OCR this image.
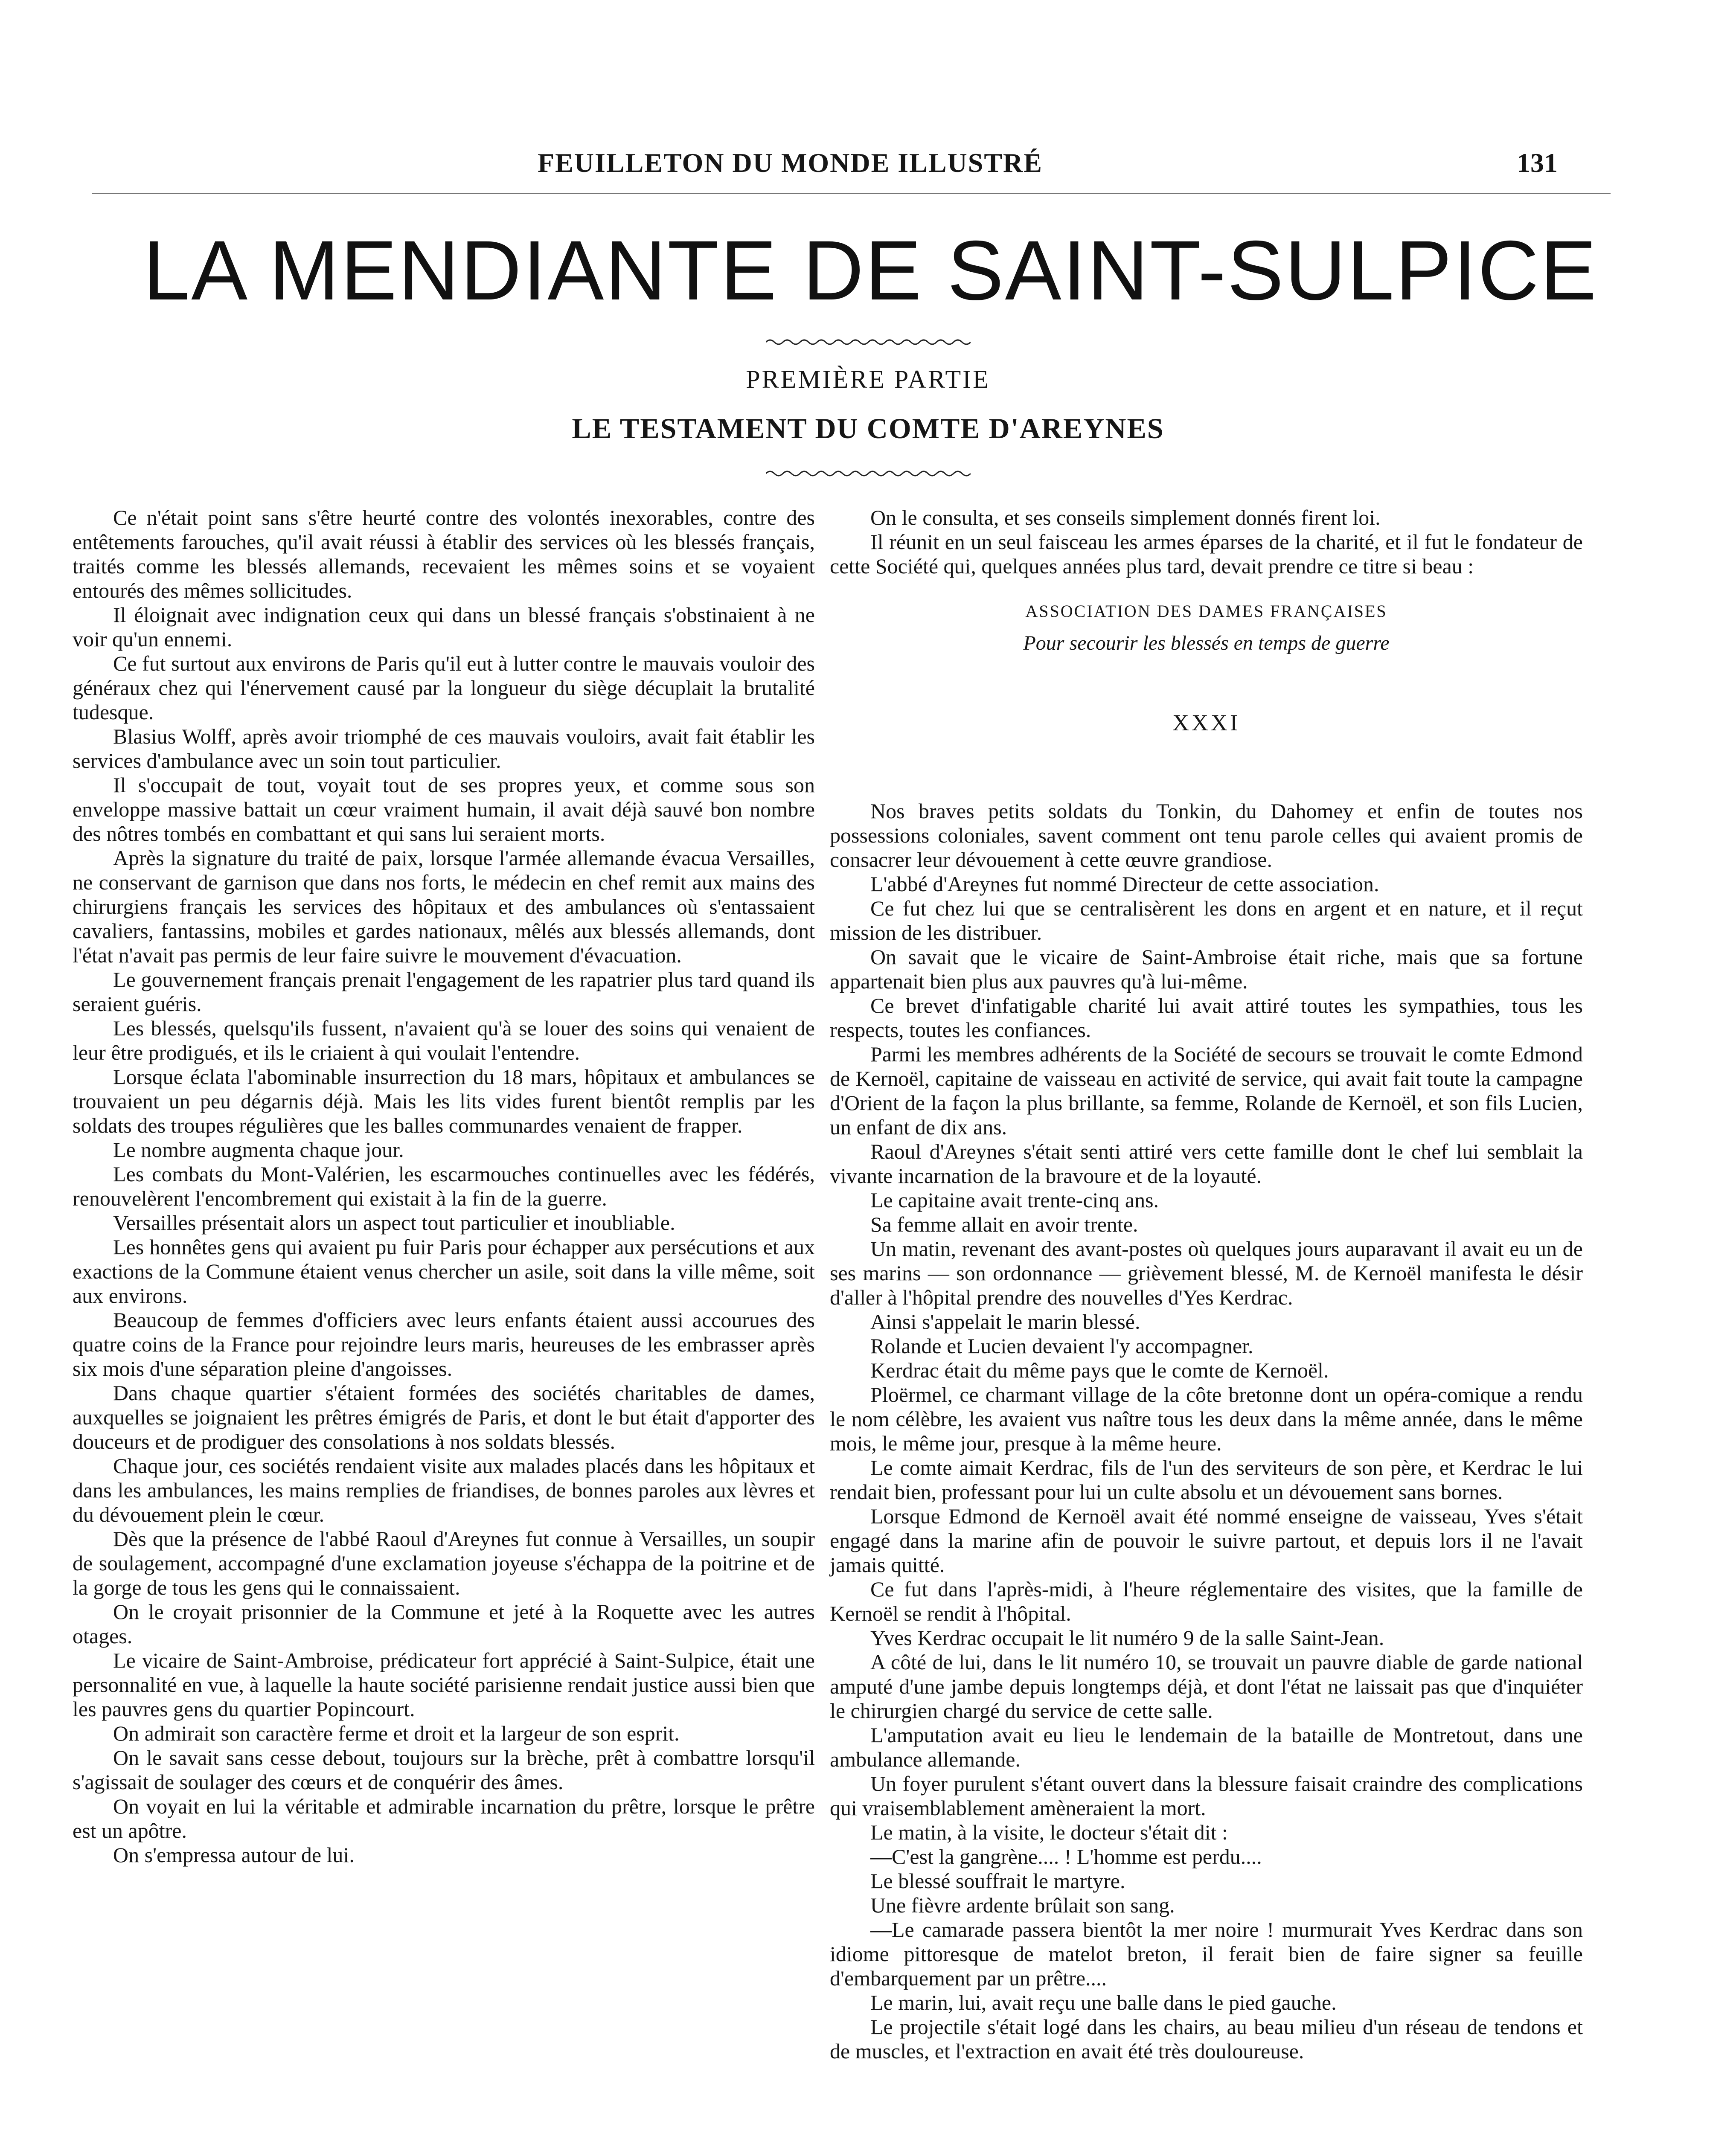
FEUILLETON DU MONDE ILLUSTRÉ	131
LA MENDIANTE DE SAINT-SULPICE
PREMIÈRE PARTIE
LE TESTAMENT DU COMTE D'AREYNES

Ce n'était point sans s'être heurté contre des volontés inexorables, contre des entêtements farouches, qu'il avait réussi à établir des services où les blessés français, traités comme les blessés allemands, recevaient les mêmes soins et se voyaient entourés des mêmes sollicitudes.

Il éloignait avec indignation ceux qui dans un blessé français s'obstinaient à ne voir qu'un ennemi.

Ce fut surtout aux environs de Paris qu'il eut à lutter contre le mauvais vouloir des généraux chez qui l'énervement causé par la longueur du siège décuplait la brutalité tudesque.

Blasius Wolff, après avoir triomphé de ces mauvais vouloirs, avait fait établir les services d'ambulance avec un soin tout particulier.

Il s'occupait de tout, voyait tout de ses propres yeux, et comme sous son enveloppe massive battait un cœur vraiment humain, il avait déjà sauvé bon nombre des nôtres tombés en combattant et qui sans lui seraient morts.

Après la signature du traité de paix, lorsque l'armée allemande évacua Versailles, ne conservant de garnison que dans nos forts, le médecin en chef remit aux mains des chirurgiens français les services des hôpitaux et des ambulances où s'entassaient cavaliers, fantassins, mobiles et gardes nationaux, mêlés aux blessés allemands, dont l'état n'avait pas permis de leur faire suivre le mouvement d'évacuation.

Le gouvernement français prenait l'engagement de les rapatrier plus tard quand ils seraient guéris.

Les blessés, quelsqu'ils fussent, n'avaient qu'à se louer des soins qui venaient de leur être prodigués, et ils le criaient à qui voulait l'entendre.

Lorsque éclata l'abominable insurrection du 18 mars, hôpitaux et ambulances se trouvaient un peu dégarnis déjà. Mais les lits vides furent bientôt remplis par les soldats des troupes régulières que les balles communardes venaient de frapper.

Le nombre augmenta chaque jour.

Les combats du Mont-Valérien, les escarmouches continuelles avec les fédérés, renouvelèrent l'encombrement qui existait à la fin de la guerre.

Versailles présentait alors un aspect tout particulier et inoubliable.

Les honnêtes gens qui avaient pu fuir Paris pour échapper aux persécutions et aux exactions de la Commune étaient venus chercher un asile, soit dans la ville même, soit aux environs.

Beaucoup de femmes d'officiers avec leurs enfants étaient aussi accourues des quatre coins de la France pour rejoindre leurs maris, heureuses de les embrasser après six mois d'une séparation pleine d'angoisses.

Dans chaque quartier s'étaient formées des sociétés charitables de dames, auxquelles se joignaient les prêtres émigrés de Paris, et dont le but était d'apporter des douceurs et de prodiguer des consolations à nos soldats blessés.

Chaque jour, ces sociétés rendaient visite aux malades placés dans les hôpitaux et dans les ambulances, les mains remplies de friandises, de bonnes paroles aux lèvres et du dévouement plein le cœur.

Dès que la présence de l'abbé Raoul d'Areynes fut connue à Versailles, un soupir de soulagement, accompagné d'une exclamation joyeuse s'échappa de la poitrine et de la gorge de tous les gens qui le connaissaient.

On le croyait prisonnier de la Commune et jeté à la Roquette avec les autres otages.

Le vicaire de Saint-Ambroise, prédicateur fort apprécié à Saint-Sulpice, était une personnalité en vue, à laquelle la haute société parisienne rendait justice aussi bien que les pauvres gens du quartier Popincourt.

On admirait son caractère ferme et droit et la largeur de son esprit.

On le savait sans cesse debout, toujours sur la brèche, prêt à combattre lorsqu'il s'agissait de soulager des cœurs et de conquérir des âmes.

On voyait en lui la véritable et admirable incarnation du prêtre, lorsque le prêtre est un apôtre.

On s'empressa autour de lui.

On le consulta, et ses conseils simplement donnés firent loi.

Il réunit en un seul faisceau les armes éparses de la charité, et il fut le fondateur de cette Société qui, quelques années plus tard, devait prendre ce titre si beau :

ASSOCIATION DES DAMES FRANÇAISES

Pour secourir les blessés en temps de guerre

XXXI

Nos braves petits soldats du Tonkin, du Dahomey et enfin de toutes nos possessions coloniales, savent comment ont tenu parole celles qui avaient promis de consacrer leur dévouement à cette œuvre grandiose.

L'abbé d'Areynes fut nommé Directeur de cette association.

Ce fut chez lui que se centralisèrent les dons en argent et en nature, et il reçut mission de les distribuer.

On savait que le vicaire de Saint-Ambroise était riche, mais que sa fortune appartenait bien plus aux pauvres qu'à lui-même.

Ce brevet d'infatigable charité lui avait attiré toutes les sympathies, tous les respects, toutes les confiances.

Parmi les membres adhérents de la Société de secours se trouvait le comte Edmond de Kernoël, capitaine de vaisseau en activité de service, qui avait fait toute la campagne d'Orient de la façon la plus brillante, sa femme, Rolande de Kernoël, et son fils Lucien, un enfant de dix ans.

Raoul d'Areynes s'était senti attiré vers cette famille dont le chef lui semblait la vivante incarnation de la bravoure et de la loyauté.

Le capitaine avait trente-cinq ans.

Sa femme allait en avoir trente.

Un matin, revenant des avant-postes où quelques jours auparavant il avait eu un de ses marins — son ordonnance — grièvement blessé, M. de Kernoël manifesta le désir d'aller à l'hôpital prendre des nouvelles d'Yes Kerdrac.

Ainsi s'appelait le marin blessé.

Rolande et Lucien devaient l'y accompagner.

Kerdrac était du même pays que le comte de Kernoël.

Ploërmel, ce charmant village de la côte bretonne dont un opéra-comique a rendu le nom célèbre, les avaient vus naître tous les deux dans la même année, dans le même mois, le même jour, presque à la même heure.

Le comte aimait Kerdrac, fils de l'un des serviteurs de son père, et Kerdrac le lui rendait bien, professant pour lui un culte absolu et un dévouement sans bornes.

Lorsque Edmond de Kernoël avait été nommé enseigne de vaisseau, Yves s'était engagé dans la marine afin de pouvoir le suivre partout, et depuis lors il ne l'avait jamais quitté.

Ce fut dans l'après-midi, à l'heure réglementaire des visites, que la famille de Kernoël se rendit à l'hôpital.

Yves Kerdrac occupait le lit numéro 9 de la salle Saint-Jean.

A côté de lui, dans le lit numéro 10, se trouvait un pauvre diable de garde national amputé d'une jambe depuis longtemps déjà, et dont l'état ne laissait pas que d'inquiéter le chirurgien chargé du service de cette salle.

L'amputation avait eu lieu le lendemain de la bataille de Montretout, dans une ambulance allemande.

Un foyer purulent s'étant ouvert dans la blessure faisait craindre des complications qui vraisemblablement amèneraient la mort.

Le matin, à la visite, le docteur s'était dit :

—C'est la gangrène.... ! L'homme est perdu....

Le blessé souffrait le martyre.

Une fièvre ardente brûlait son sang.

—Le camarade passera bientôt la mer noire ! murmurait Yves Kerdrac dans son idiome pittoresque de matelot breton, il ferait bien de faire signer sa feuille d'embarquement par un prêtre....

Le marin, lui, avait reçu une balle dans le pied gauche.

Le projectile s'était logé dans les chairs, au beau milieu d'un réseau de tendons et de muscles, et l'extraction en avait été très douloureuse.
